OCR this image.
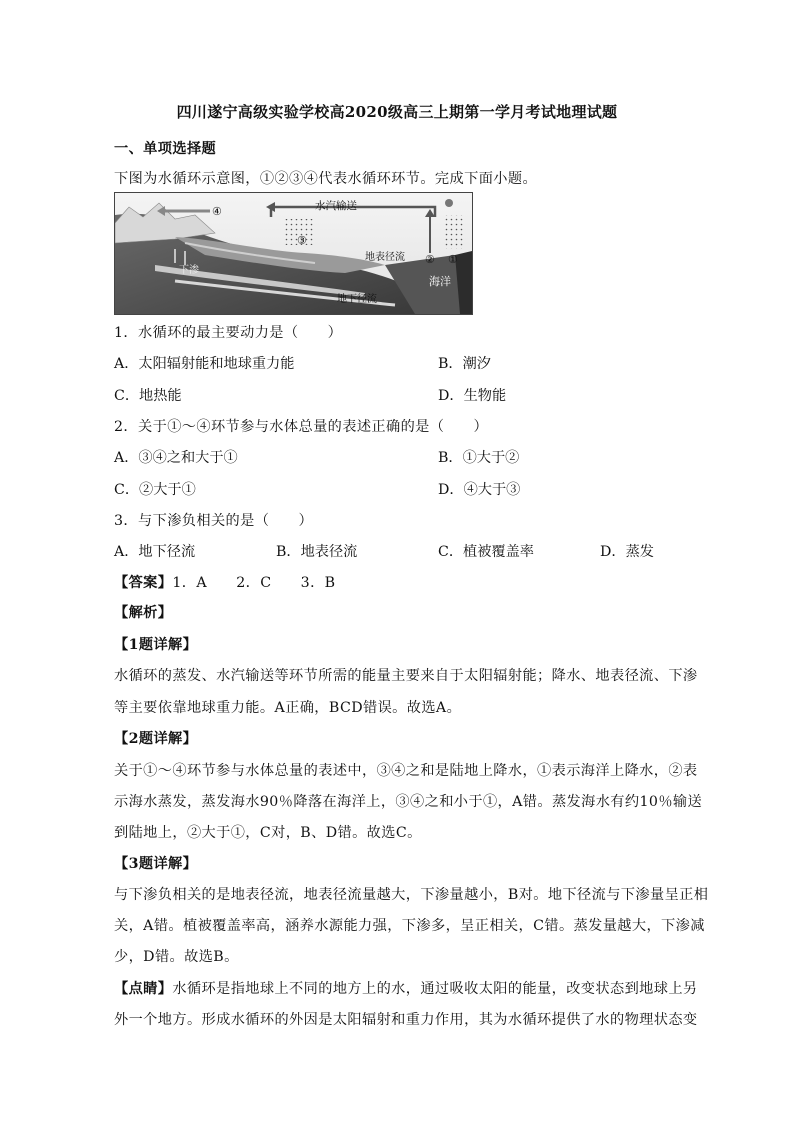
四川遂宁高级实验学校高2020级高三上期第一学月考试地理试题
一、单项选择题
下图为水循环示意图，①②③④代表水循环环节。完成下面小题。
水汽输送
④
③
② ①
地表径流
下渗
海洋
地下径流
1．水循环的最主要动力是（　　）
A．太阳辐射能和地球重力能	B．潮汐
C．地热能	D．生物能
2．关于①～④环节参与水体总量的表述正确的是（　　）
A．③④之和大于①	B．①大于②
C．②大于①	D．④大于③
3．与下渗负相关的是（　　）
A．地下径流	B．地表径流	C．植被覆盖率	D．蒸发
【答案】1．A　　2．C　　3．B
【解析】
【1题详解】
水循环的蒸发、水汽输送等环节所需的能量主要来自于太阳辐射能；降水、地表径流、下渗
等主要依靠地球重力能。A正确，BCD错误。故选A。
【2题详解】
关于①～④环节参与水体总量的表述中，③④之和是陆地上降水，①表示海洋上降水，②表
示海水蒸发，蒸发海水90％降落在海洋上，③④之和小于①，A错。蒸发海水有约10％输送
到陆地上，②大于①，C对，B、D错。故选C。
【3题详解】
与下渗负相关的是地表径流，地表径流量越大，下渗量越小，B对。地下径流与下渗量呈正相
关，A错。植被覆盖率高，涵养水源能力强，下渗多，呈正相关，C错。蒸发量越大，下渗减
少，D错。故选B。
【点睛】水循环是指地球上不同的地方上的水，通过吸收太阳的能量，改变状态到地球上另
外一个地方。形成水循环的外因是太阳辐射和重力作用，其为水循环提供了水的物理状态变
